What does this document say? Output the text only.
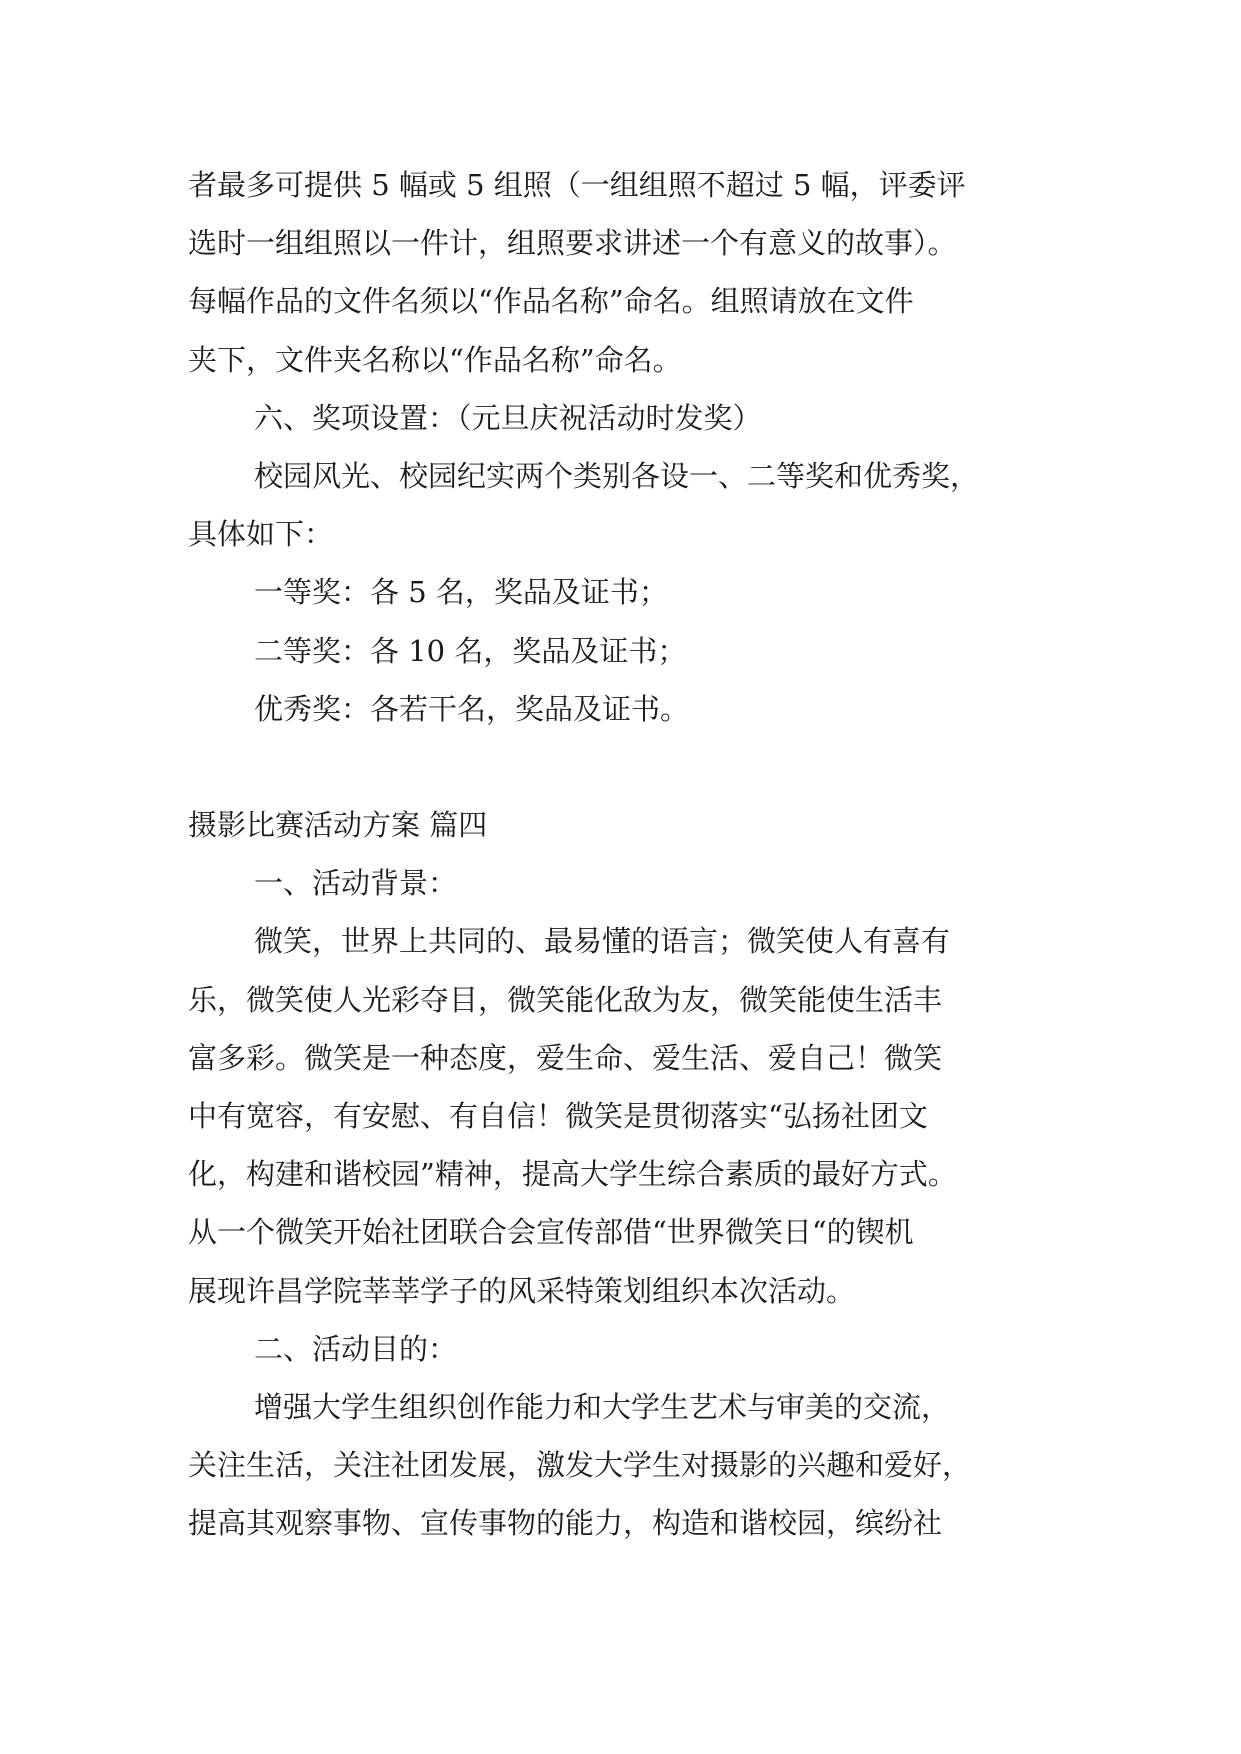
者最多可提供 5 幅或 5 组照（一组组照不超过 5 幅，评委评
选时一组组照以一件计，组照要求讲述一个有意义的故事）。
每幅作品的文件名须以“作品名称”命名。组照请放在文件
夹下，文件夹名称以“作品名称”命名。
六、奖项设置：（元旦庆祝活动时发奖）
校园风光、校园纪实两个类别各设一、二等奖和优秀奖，
具体如下：
一等奖：各 5 名，奖品及证书；
二等奖：各 10 名，奖品及证书；
优秀奖：各若干名，奖品及证书。
摄影比赛活动方案 篇四
一、活动背景：
微笑，世界上共同的、最易懂的语言；微笑使人有喜有
乐，微笑使人光彩夺目，微笑能化敌为友，微笑能使生活丰
富多彩。微笑是一种态度，爱生命、爱生活、爱自己！微笑
中有宽容，有安慰、有自信！微笑是贯彻落实“弘扬社团文
化，构建和谐校园”精神，提高大学生综合素质的最好方式。
从一个微笑开始社团联合会宣传部借“世界微笑日“的锲机
展现许昌学院莘莘学子的风采特策划组织本次活动。
二、活动目的：
增强大学生组织创作能力和大学生艺术与审美的交流，
关注生活，关注社团发展，激发大学生对摄影的兴趣和爱好，
提高其观察事物、宣传事物的能力，构造和谐校园，缤纷社
